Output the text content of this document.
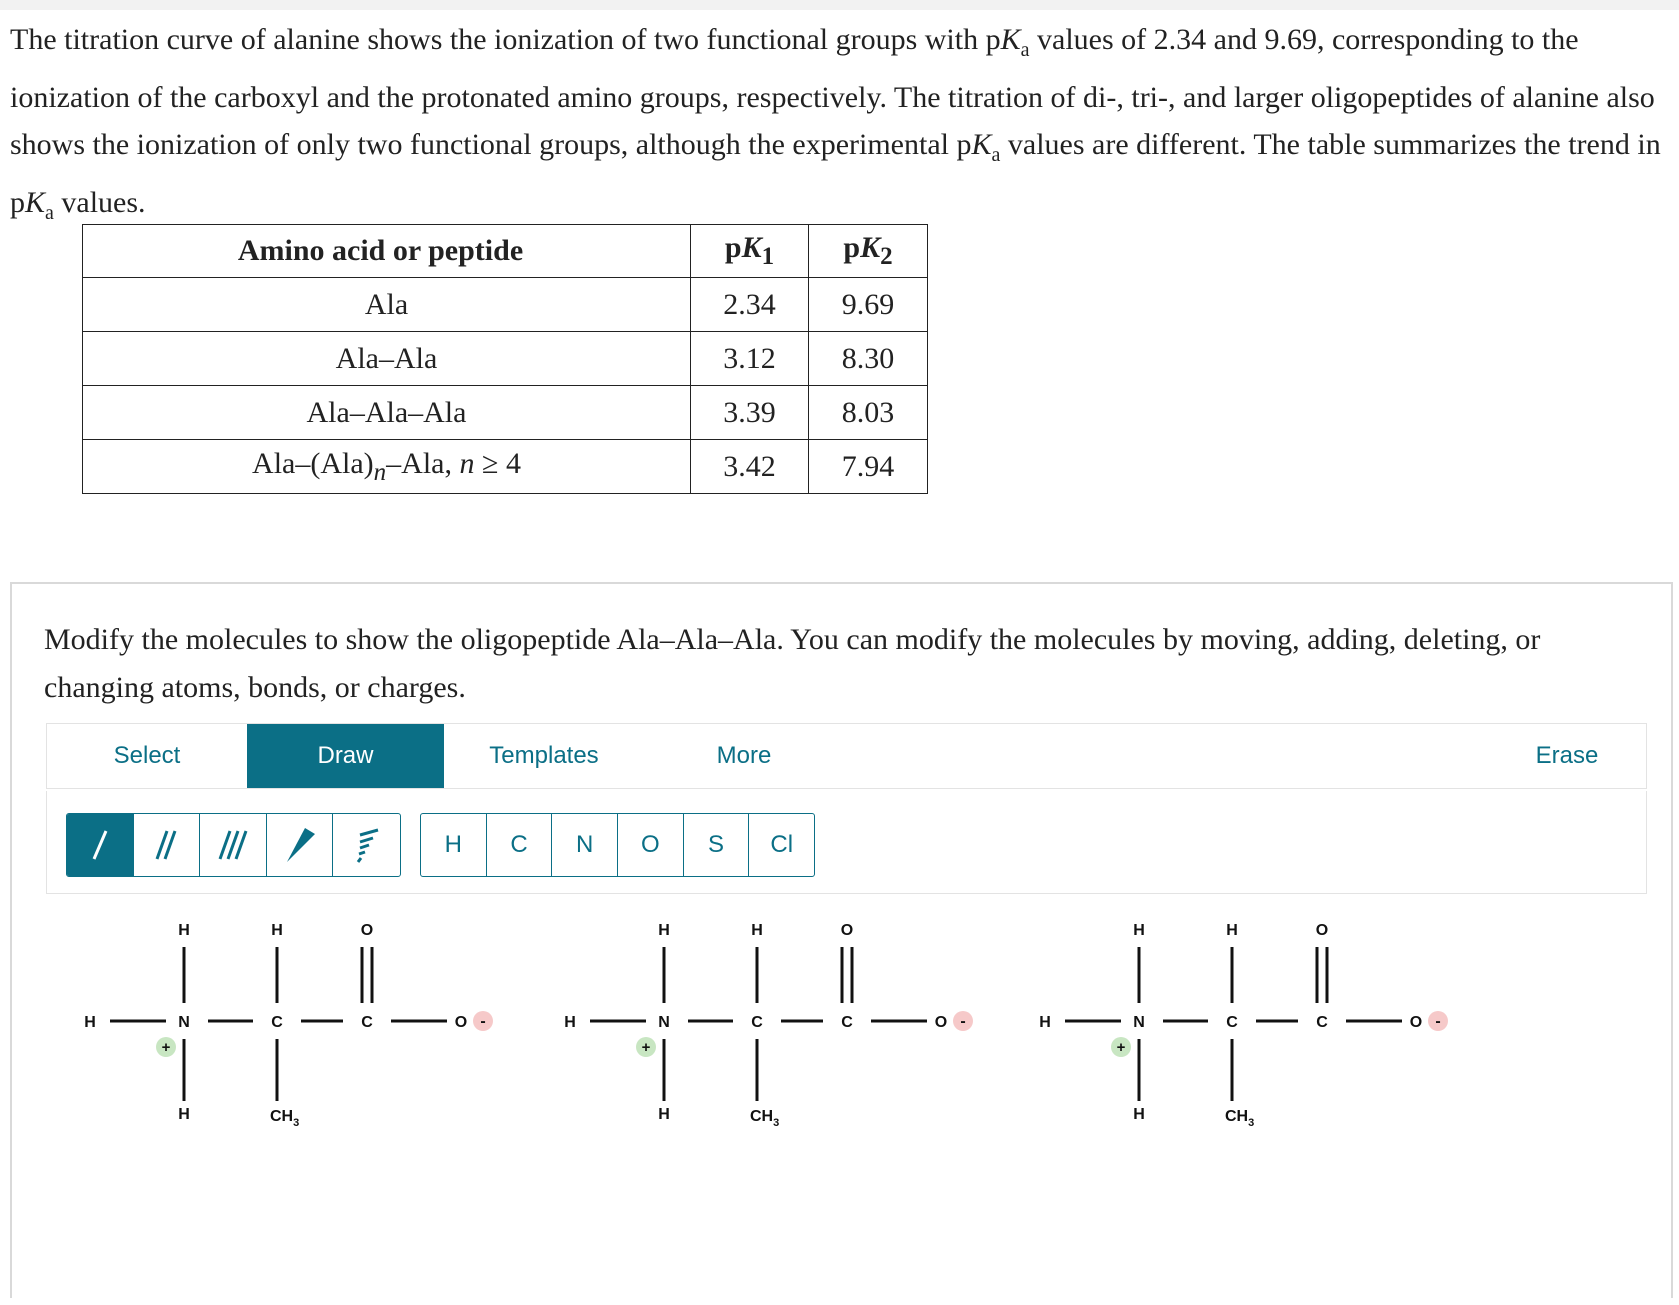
The titration curve of alanine shows the ionization of two functional groups with $pK_a$ values of 2.34 and 9.69, corresponding to the ionization of the carboxyl and the protonated amino groups, respectively. The titration of di-, tri-, and larger oligopeptides of alanine also shows the ionization of only two functional groups, although the experimental $pK_a$ values are different. The table summarizes the trend in $pK_a$ values.
Amino acid or peptide	$pK_1$	$pK_2$
Ala	2.34	9.69
Ala–Ala	3.12	8.30
Ala–Ala–Ala	3.39	8.03
Ala–$(Ala)_n$–Ala, n ≥ 4	3.42	7.94
Modify the molecules to show the oligopeptide Ala–Ala–Ala. You can modify the molecules by moving, adding, deleting, or changing atoms, bonds, or charges.
Select	Draw	Templates	More	Erase
H	C	N	O	S	Cl
H	N	C	C	O
H	H	O
H	$CH_3$
+
-	H	N	C	C	O
H	H	O
H	$CH_3$
+
-	H	N	C	C	O
H	H	O
H	$CH_3$
+
-
